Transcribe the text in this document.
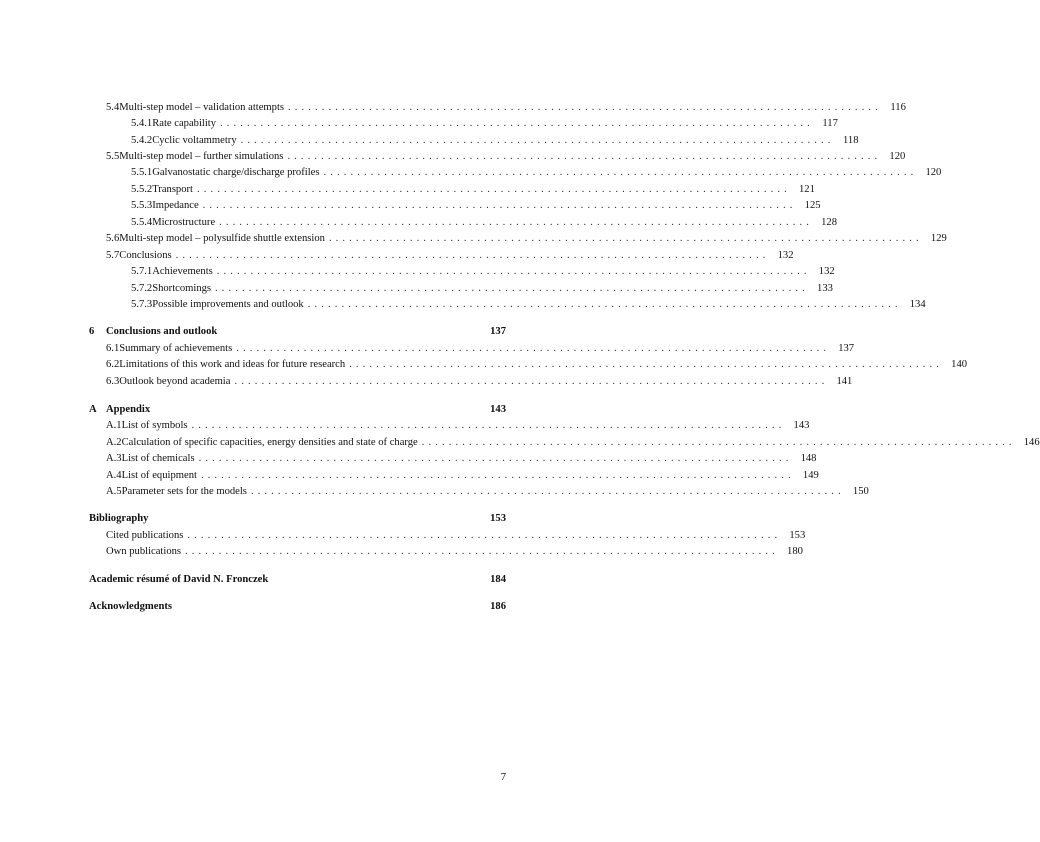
5.4 Multi-step model – validation attempts ........................................................................................ 116
5.4.1 Rate capability ........................................................................................ 117
5.4.2 Cyclic voltammetry ........................................................................................ 118
5.5 Multi-step model – further simulations ........................................................................................ 120
5.5.1 Galvanostatic charge/discharge profiles ........................................................................................ 120
5.5.2 Transport ........................................................................................ 121
5.5.3 Impedance ........................................................................................ 125
5.5.4 Microstructure ........................................................................................ 128
5.6 Multi-step model – polysulfide shuttle extension ........................................................................................ 129
5.7 Conclusions ........................................................................................ 132
5.7.1 Achievements ........................................................................................ 132
5.7.2 Shortcomings ........................................................................................ 133
5.7.3 Possible improvements and outlook ........................................................................................ 134
6	Conclusions and outlook	137
6.1 Summary of achievements ........................................................................................ 137
6.2 Limitations of this work and ideas for future research ........................................................................................ 140
6.3 Outlook beyond academia ........................................................................................ 141
A Appendix	143
A.1 List of symbols ........................................................................................ 143
A.2 Calculation of specific capacities, energy densities and state of charge ........................................................................................ 146
A.3 List of chemicals ........................................................................................ 148
A.4 List of equipment ........................................................................................ 149
A.5 Parameter sets for the models ........................................................................................ 150
Bibliography	153
Cited publications ........................................................................................ 153
Own publications ........................................................................................ 180
Academic résumé of David N. Fronczek	184
Acknowledgments	186
7
